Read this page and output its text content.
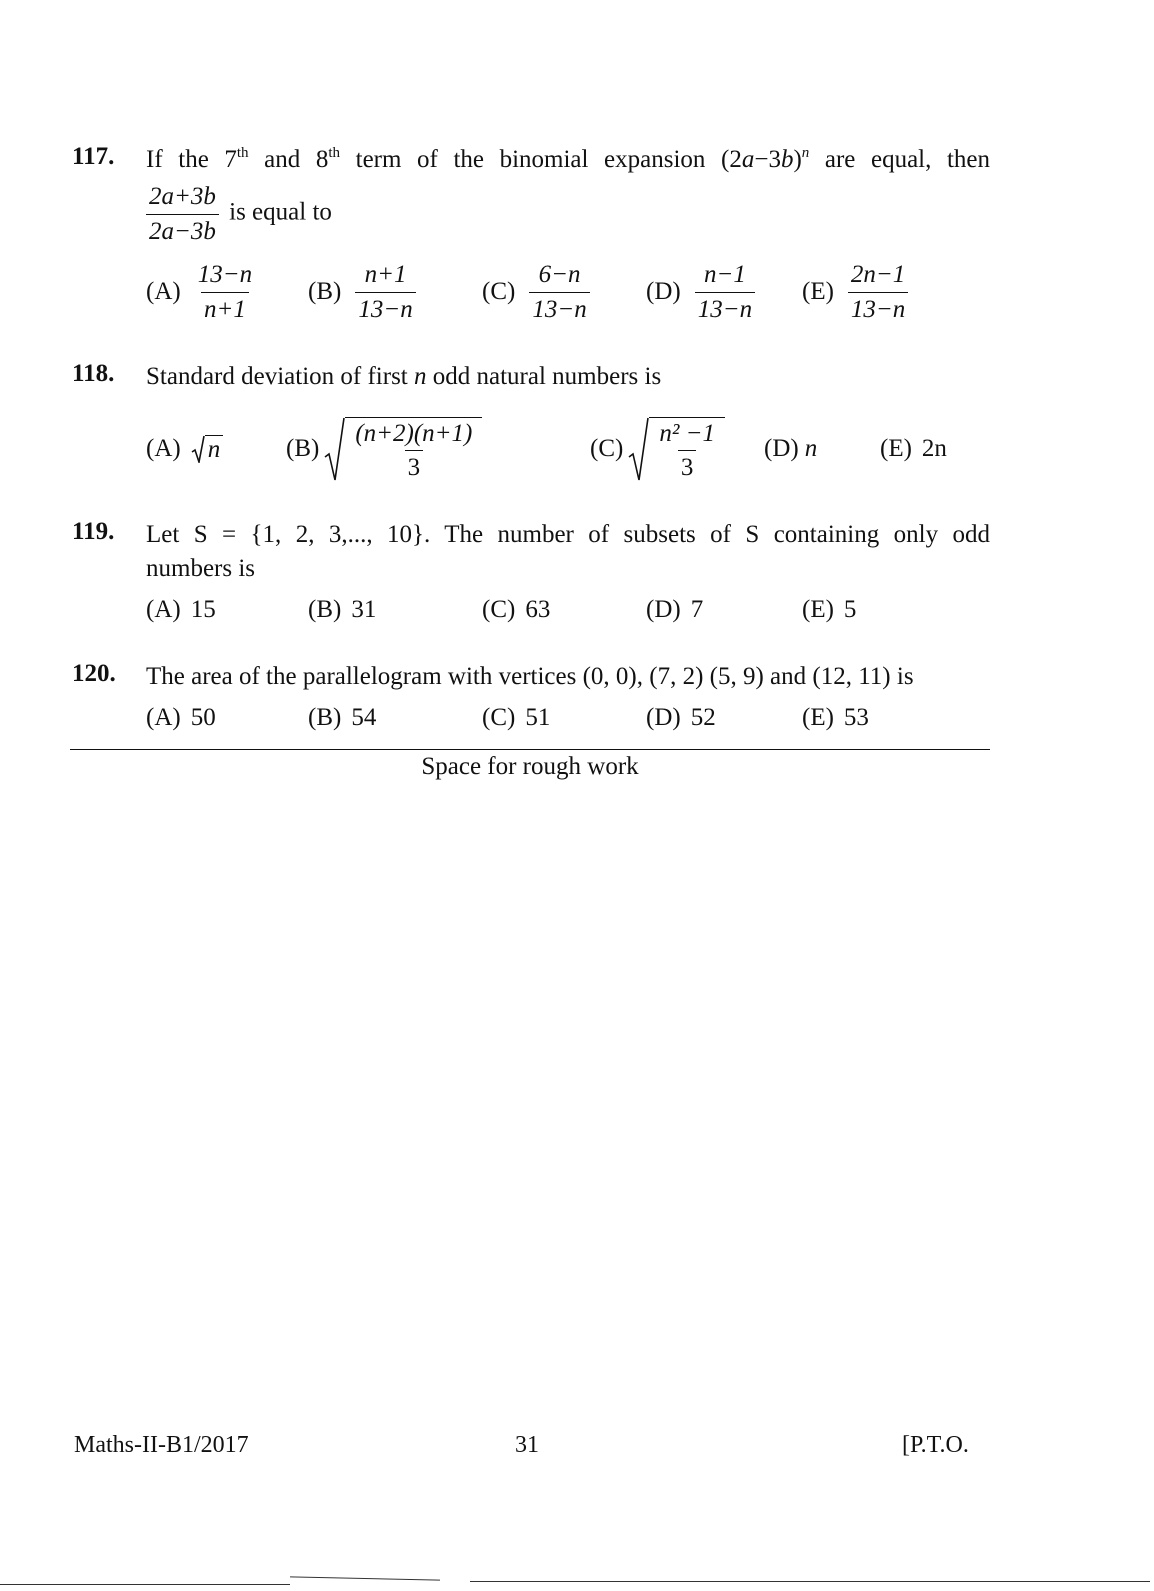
117. If the 7th and 8th term of the binomial expansion $(2a-3b)^n$ are equal, then
$\frac{2a+3b}{2a-3b}$ is equal to
$(A) \frac{13-n}{n+1} (B) \frac{n+1}{13-n}$	$(C) \frac{6-n}{13-n} (D) \frac{n-1}{13-n} (E) \frac{2n-1}{13-n}$
118. Standard deviation of first n odd natural numbers is
(A) n	$(B) \frac{(n+2)(n+1)}{3}$	$(C) \frac{\text{n² −1}}{3} (D)$ n	(E) 2n
119. Let S = {1, 2, 3,..., 10}. The number of subsets of S containing only odd
numbers is
(A) 15	(B) 31	(C) 63	(D) 7	(E) 5
120. The area of the parallelogram with vertices (0, 0), (7, 2) (5, 9) and (12, 11) is
(A) 50	(B) 54	(C) 51	(D) 52	(E) 53
Space for rough work
Maths-II-B1/2017	31	[P.T.O.
